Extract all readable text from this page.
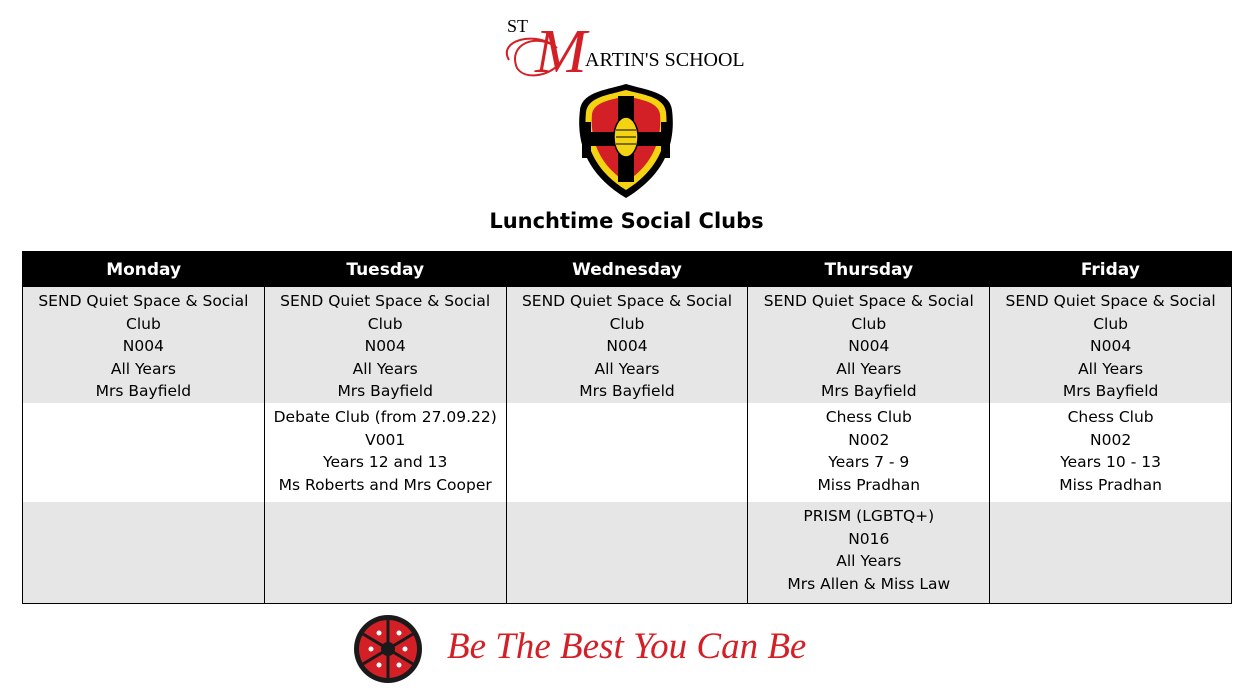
ST M
ARTIN'S SCHOOL
Lunchtime Social Clubs
Monday	Tuesday	Wednesday	Thursday	Friday

SEND Quiet Space & Social Club
N004
All Years
Mrs Bayfield	SEND Quiet Space & Social Club
N004
All Years
Mrs Bayfield	SEND Quiet Space & Social Club
N004
All Years
Mrs Bayfield	SEND Quiet Space & Social Club
N004
All Years
Mrs Bayfield	SEND Quiet Space & Social Club
N004
All Years
Mrs Bayfield

	Debate Club (from 27.09.22)
V001
Years 12 and 13
Ms Roberts and Mrs Cooper		Chess Club
N002
Years 7 - 9
Miss Pradhan	Chess Club
N002
Years 10 - 13
Miss Pradhan

			PRISM (LGBTQ+)
N016
All Years
Mrs Allen & Miss Law	

Be The Best You Can Be
